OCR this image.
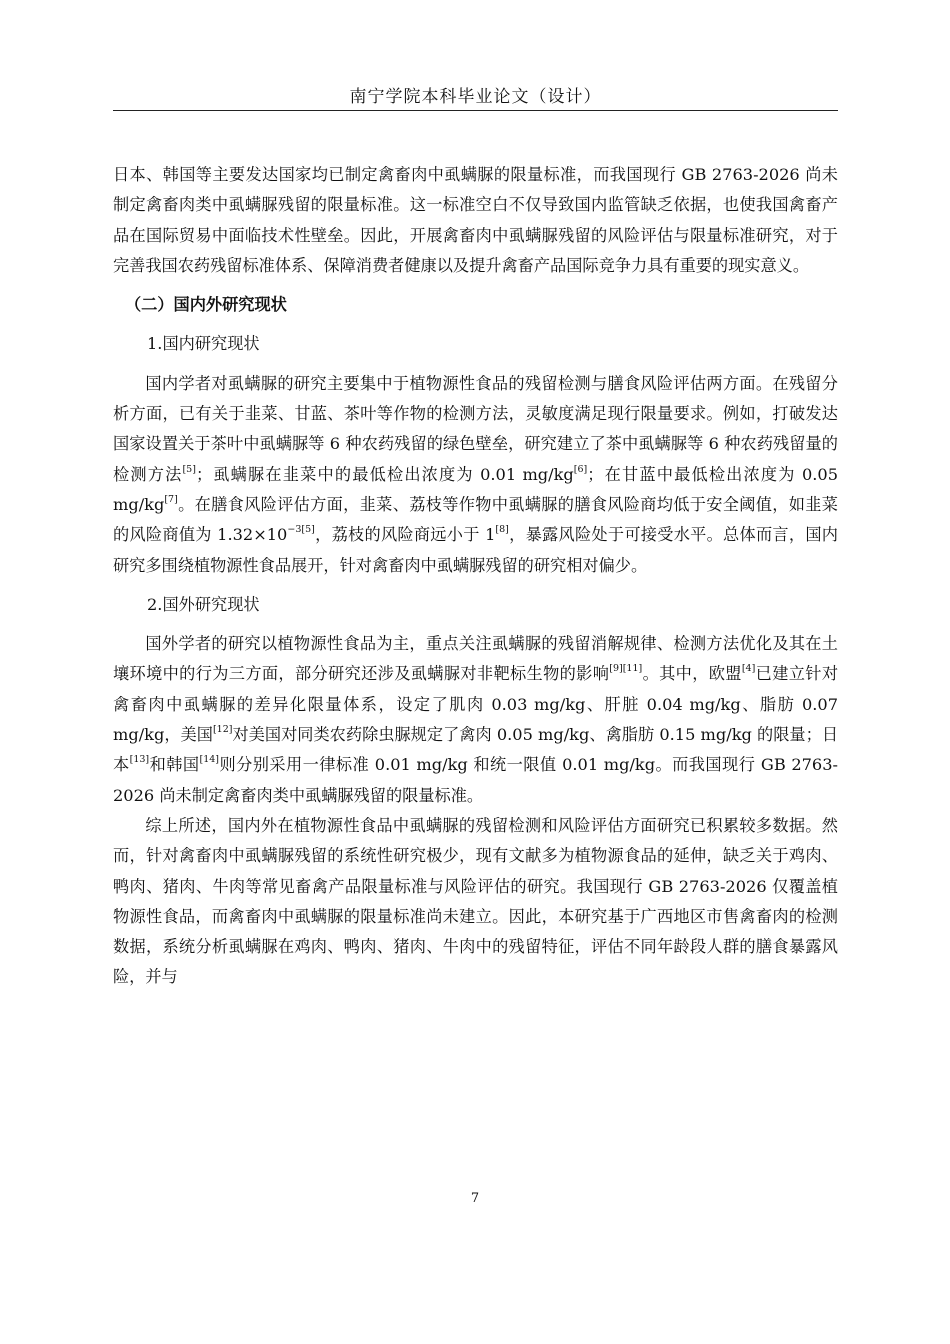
南宁学院本科毕业论文（设计）

日本、韩国等主要发达国家均已制定禽畜肉中虱螨脲的限量标准，而我国现行 GB 2763-2026 尚未制定禽畜肉类中虱螨脲残留的限量标准。这一标准空白不仅导致国内监管缺乏依据，也使我国禽畜产品在国际贸易中面临技术性壁垒。因此，开展禽畜肉中虱螨脲残留的风险评估与限量标准研究，对于完善我国农药残留标准体系、保障消费者健康以及提升禽畜产品国际竞争力具有重要的现实意义。

（二）国内外研究现状

1.国内研究现状

国内学者对虱螨脲的研究主要集中于植物源性食品的残留检测与膳食风险评估两方面。在残留分析方面，已有关于韭菜、甘蓝、茶叶等作物的检测方法，灵敏度满足现行限量要求。例如，打破发达国家设置关于茶叶中虱螨脲等 6 种农药残留的绿色壁垒，研究建立了茶中虱螨脲等 6 种农药残留量的检测方法[5]；虱螨脲在韭菜中的最低检出浓度为 0.01 mg/kg[6]；在甘蓝中最低检出浓度为 0.05 mg/kg[7]。在膳食风险评估方面，韭菜、荔枝等作物中虱螨脲的膳食风险商均低于安全阈值，如韭菜的风险商值为 $1.32\times 10^{-3[5]}$，荔枝的风险商远小于 1[8]，暴露风险处于可接受水平。总体而言，国内研究多围绕植物源性食品展开，针对禽畜肉中虱螨脲残留的研究相对偏少。

2.国外研究现状

国外学者的研究以植物源性食品为主，重点关注虱螨脲的残留消解规律、检测方法优化及其在土壤环境中的行为三方面，部分研究还涉及虱螨脲对非靶标生物的影响[9][11]。其中，欧盟[4]已建立针对禽畜肉中虱螨脲的差异化限量体系，设定了肌肉 0.03 mg/kg、肝脏 0.04 mg/kg、脂肪 0.07 mg/kg，美国[12]对美国对同类农药除虫脲规定了禽肉 0.05 mg/kg、禽脂肪 0.15 mg/kg 的限量；日本[13]和韩国[14]则分别采用一律标准 0.01 mg/kg 和统一限值 0.01 mg/kg。而我国现行 GB 2763-2026 尚未制定禽畜肉类中虱螨脲残留的限量标准。

综上所述，国内外在植物源性食品中虱螨脲的残留检测和风险评估方面研究已积累较多数据。然而，针对禽畜肉中虱螨脲残留的系统性研究极少，现有文献多为植物源食品的延伸，缺乏关于鸡肉、鸭肉、猪肉、牛肉等常见畜禽产品限量标准与风险评估的研究。我国现行 GB 2763-2026 仅覆盖植物源性食品，而禽畜肉中虱螨脲的限量标准尚未建立。因此，本研究基于广西地区市售禽畜肉的检测数据，系统分析虱螨脲在鸡肉、鸭肉、猪肉、牛肉中的残留特征，评估不同年龄段人群的膳食暴露风险，并与

7
